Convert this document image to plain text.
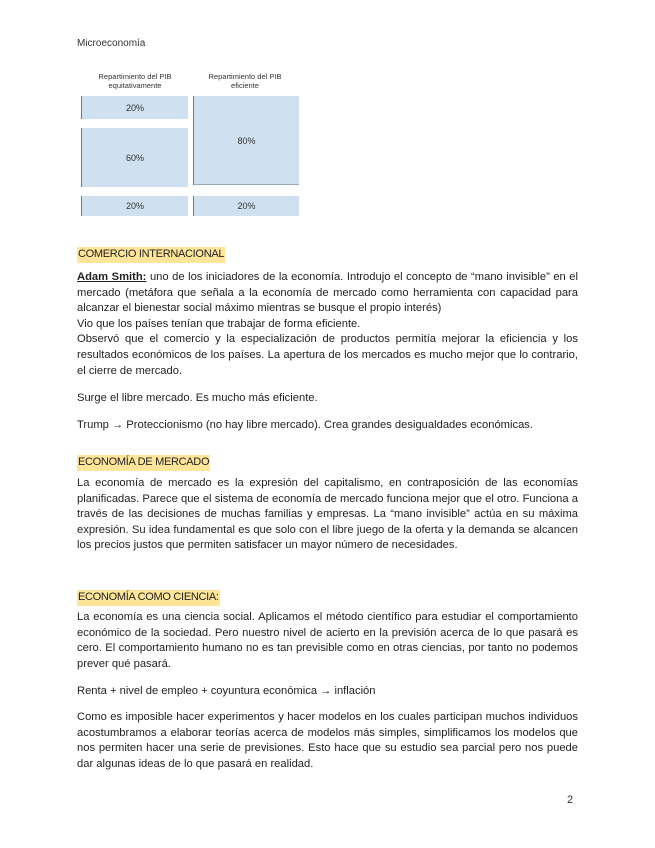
Microeconomía
Repartimiento del PIB equitativamente
Repartimiento del PIB eficiente
20%
60%
20%
80%
20%
COMERCIO INTERNACIONAL

Adam Smith: uno de los iniciadores de la economía. Introdujo el concepto de “mano invisible” en el mercado (metáfora que señala a la economía de mercado como herramienta con capacidad para alcanzar el bienestar social máximo mientras se busque el propio interés)

Vio que los países tenían que trabajar de forma eficiente.

Observó que el comercio y la especialización de productos permitía mejorar la eficiencia y los resultados económicos de los países. La apertura de los mercados es mucho mejor que lo contrario, el cierre de mercado.

Surge el libre mercado. Es mucho más eficiente.

Trump → Proteccionismo (no hay libre mercado). Crea grandes desigualdades económicas.

ECONOMÍA DE MERCADO

La economía de mercado es la expresión del capitalismo, en contraposición de las economías planificadas. Parece que el sistema de economía de mercado funciona mejor que el otro. Funciona a través de las decisiones de muchas familias y empresas. La “mano invisible” actúa en su máxima expresión. Su idea fundamental es que solo con el libre juego de la oferta y la demanda se alcancen los precios justos que permiten satisfacer un mayor número de necesidades.

ECONOMÍA COMO CIENCIA:

La economía es una ciencia social. Aplicamos el método científico para estudiar el comportamiento económico de la sociedad. Pero nuestro nivel de acierto en la previsión acerca de lo que pasará es cero. El comportamiento humano no es tan previsible como en otras ciencias, por tanto no podemos prever qué pasará.

Renta + nivel de empleo + coyuntura económica → inflación

Como es imposible hacer experimentos y hacer modelos en los cuales participan muchos individuos acostumbramos a elaborar teorías acerca de modelos más simples, simplificamos los modelos que nos permiten hacer una serie de previsiones. Esto hace que su estudio sea parcial pero nos puede dar algunas ideas de lo que pasará en realidad.

2
